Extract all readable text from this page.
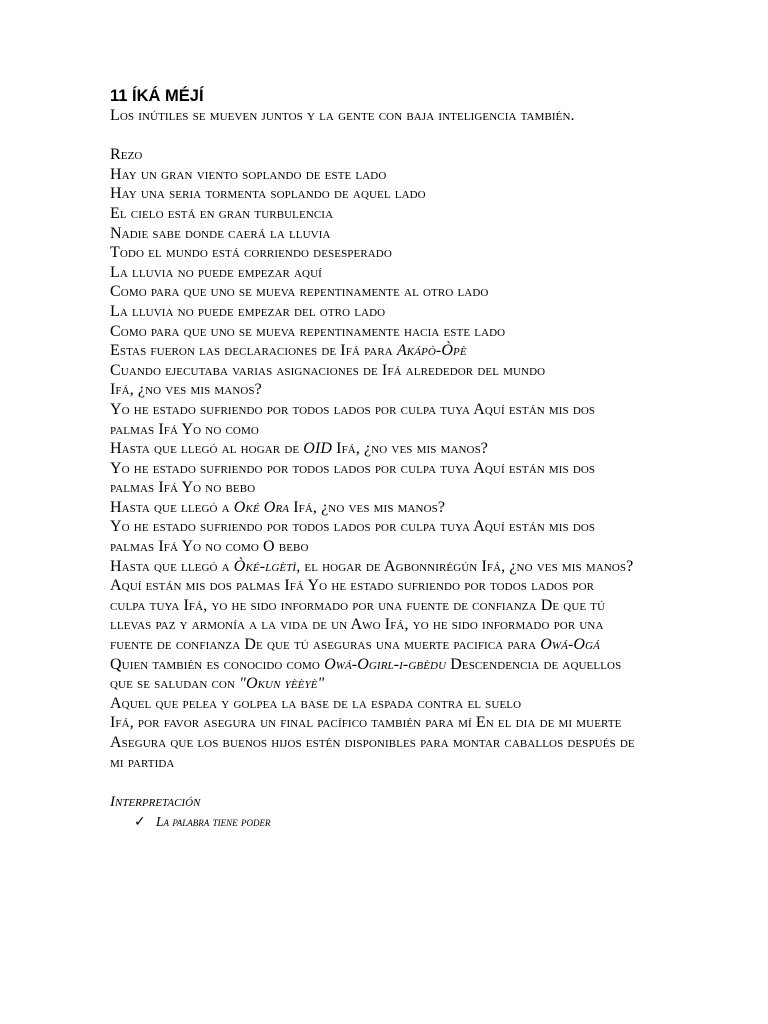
11 ÍKÁ MÉJÍ

Los inútiles se mueven juntos y la gente con baja inteligencia también.

Rezo
Hay un gran viento soplando de este lado
Hay una seria tormenta soplando de aquel lado
El cielo está en gran turbulencia
Nadie sabe donde caerá la lluvia
Todo el mundo está corriendo desesperado
La lluvia no puede empezar aquí
Como para que uno se mueva repentinamente al otro lado
La lluvia no puede empezar del otro lado
Como para que uno se mueva repentinamente hacia este lado
Estas fueron las declaraciones de Ifá para Akápò-Òpè
Cuando ejecutaba varias asignaciones de Ifá alrededor del mundo
Ifá, ¿no ves mis manos?
Yo he estado sufriendo por todos lados por culpa tuya Aquí están mis dos palmas Ifá Yo no como
Hasta que llegó al hogar de OID Ifá, ¿no ves mis manos?
Yo he estado sufriendo por todos lados por culpa tuya Aquí están mis dos palmas Ifá Yo no bebo
Hasta que llegó a Oké Ora Ifá, ¿no ves mis manos?
Yo he estado sufriendo por todos lados por culpa tuya Aquí están mis dos palmas Ifá Yo no como O bebo
Hasta que llegó a Òké-lgètì, el hogar de Agbonnirégún Ifá, ¿no ves mis manos?
Aquí están mis dos palmas Ifá Yo he estado sufriendo por todos lados por culpa tuya Ifá, yo he sido informado por una fuente de confianza De que tú llevas paz y armonía a la vida de un Awo Ifá, yo he sido informado por una fuente de confianza De que tú aseguras una muerte pacifica para Owá-Ogá Quien también es conocido como Owá-Ogirl-i-gbèdu Descendencia de aquellos que se saludan con "Okun yèèyè"
Aquel que pelea y golpea la base de la espada contra el suelo
Ifá, por favor asegura un final pacífico también para mí En el dia de mi muerte
Asegura que los buenos hijos estén disponibles para montar caballos después de mi partida

Interpretación

✓ La palabra tiene poder
